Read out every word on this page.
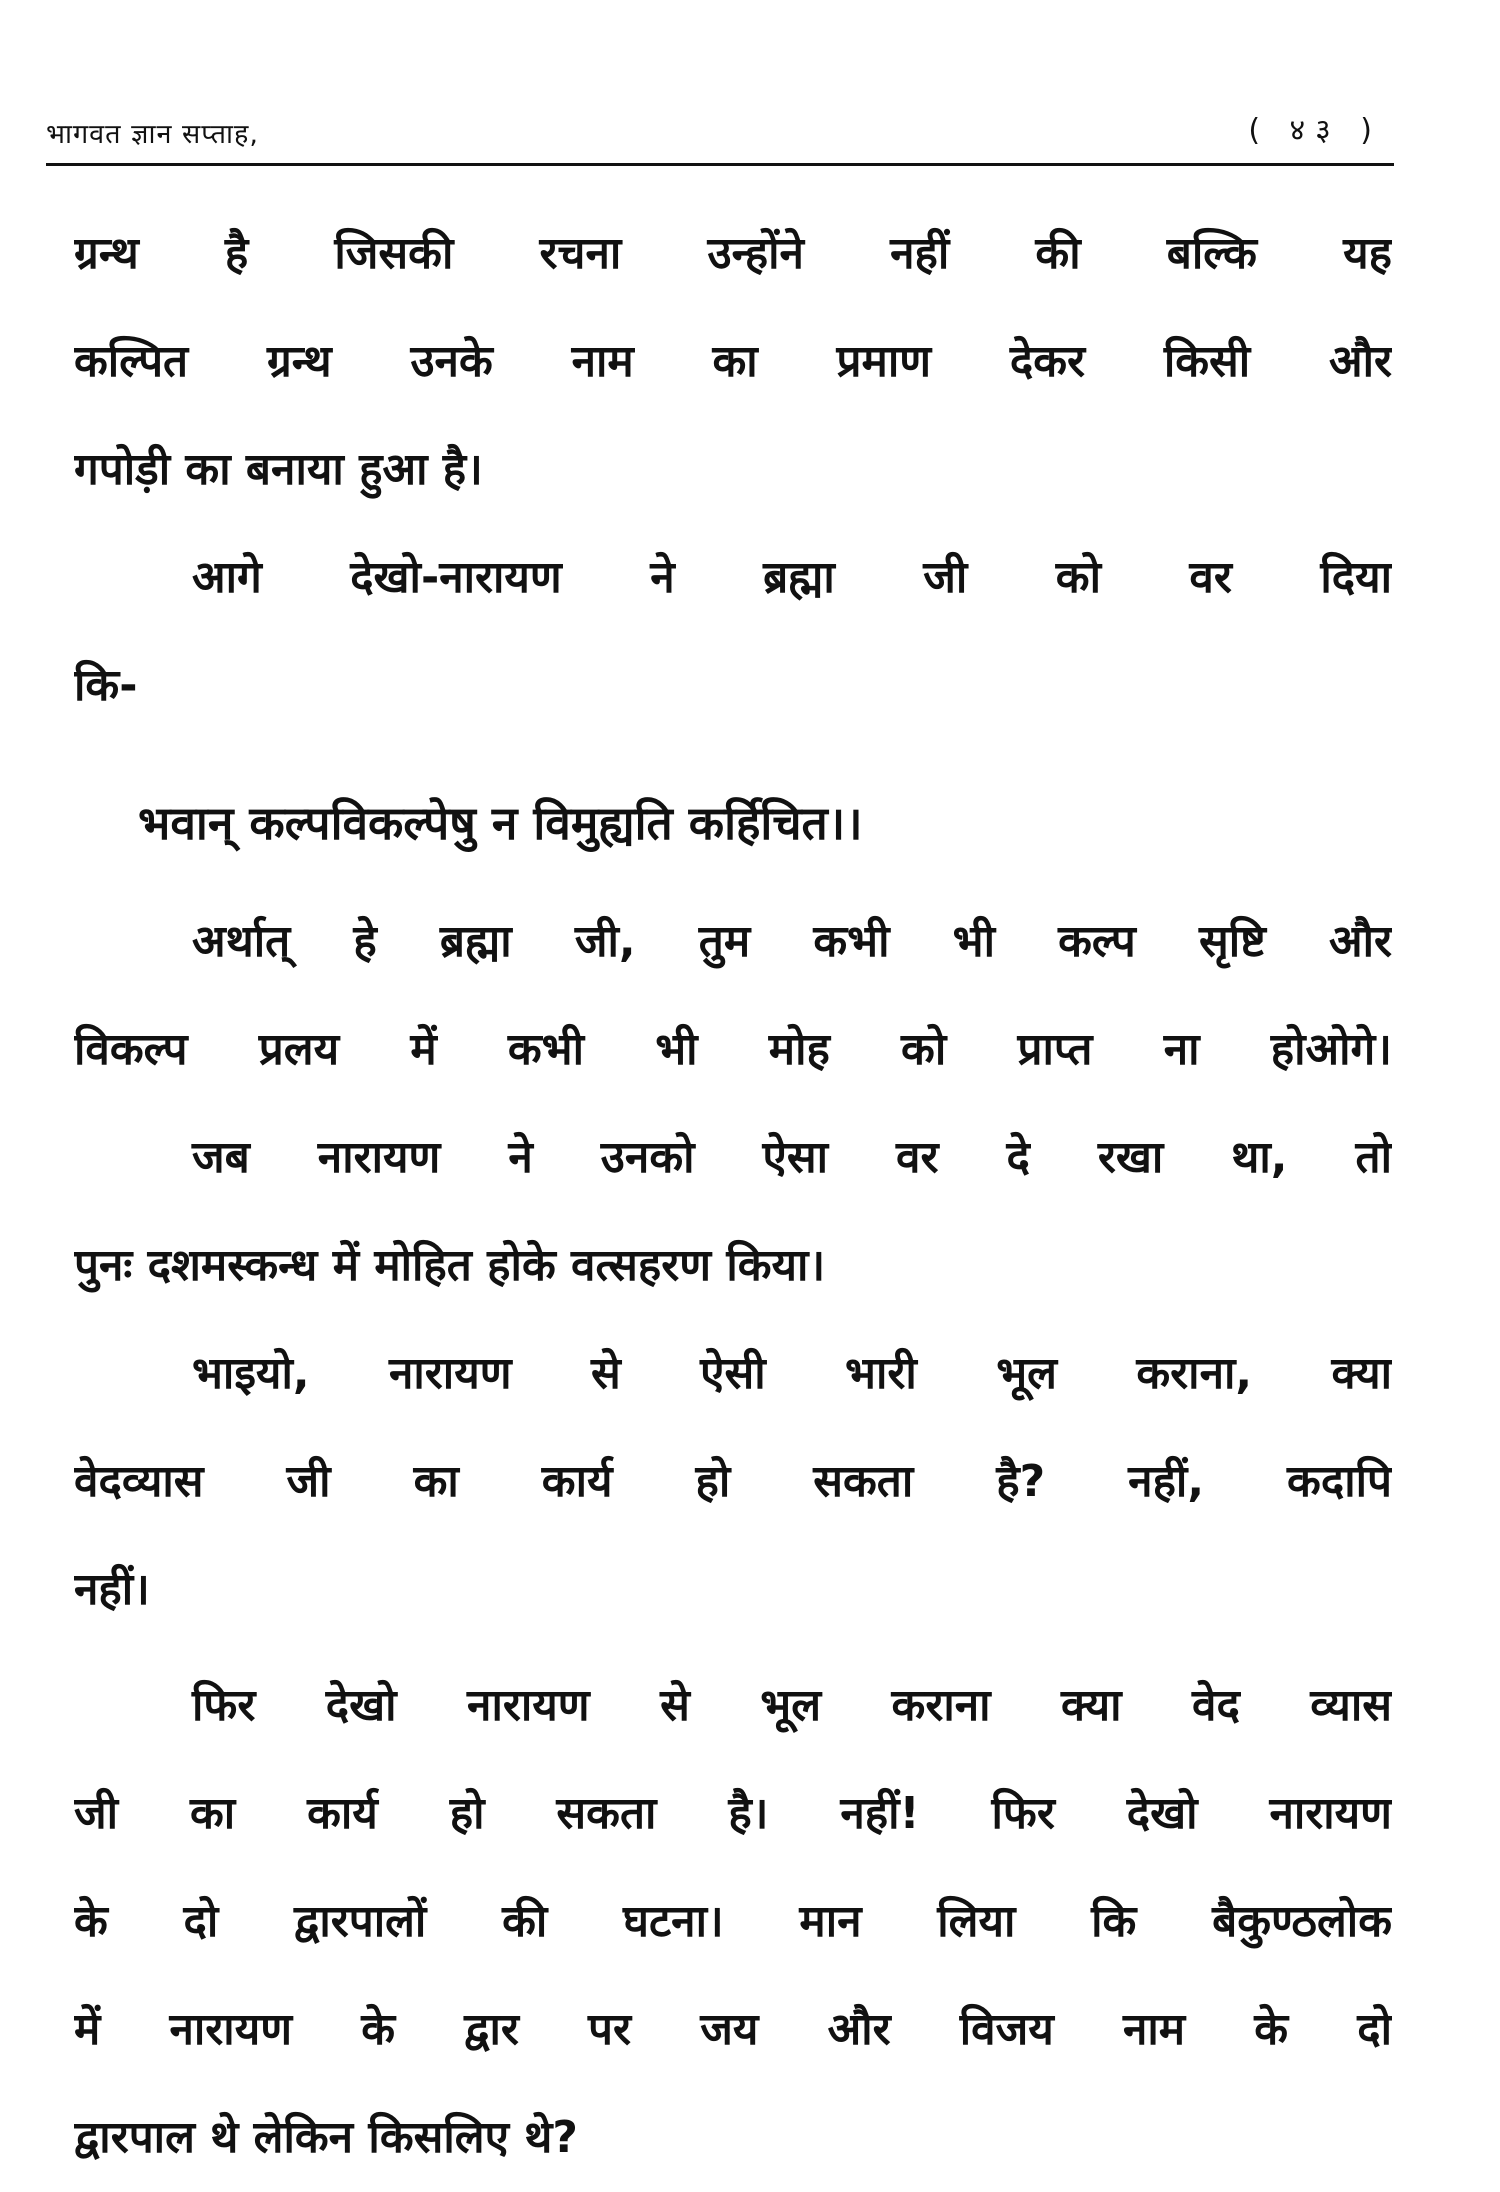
भागवत ज्ञान सप्ताह,	( ४३ )
ग्रन्थ है जिसकी रचना उन्होंने नहीं की बल्कि यह
कल्पित ग्रन्थ उनके नाम का प्रमाण देकर किसी और
गपोड़ी का बनाया हुआ है।
आगे देखो-नारायण ने ब्रह्मा जी को वर दिया
कि-
भवान् कल्पविकल्पेषु न विमुह्यति कर्हिचित।।
अर्थात् हे ब्रह्मा जी, तुम कभी भी कल्प सृष्टि और
विकल्प प्रलय में कभी भी मोह को प्राप्त ना होओगे।
जब नारायण ने उनको ऐसा वर दे रखा था, तो
पुनः दशमस्कन्ध में मोहित होके वत्सहरण किया।
भाइयो, नारायण से ऐसी भारी भूल कराना, क्या
वेदव्यास जी का कार्य हो सकता है? नहीं, कदापि
नहीं।
फिर देखो नारायण से भूल कराना क्या वेद व्यास
जी का कार्य हो सकता है। नहीं! फिर देखो नारायण
के दो द्वारपालों की घटना। मान लिया कि बैकुण्ठलोक
में नारायण के द्वार पर जय और विजय नाम के दो
द्वारपाल थे लेकिन किसलिए थे?
